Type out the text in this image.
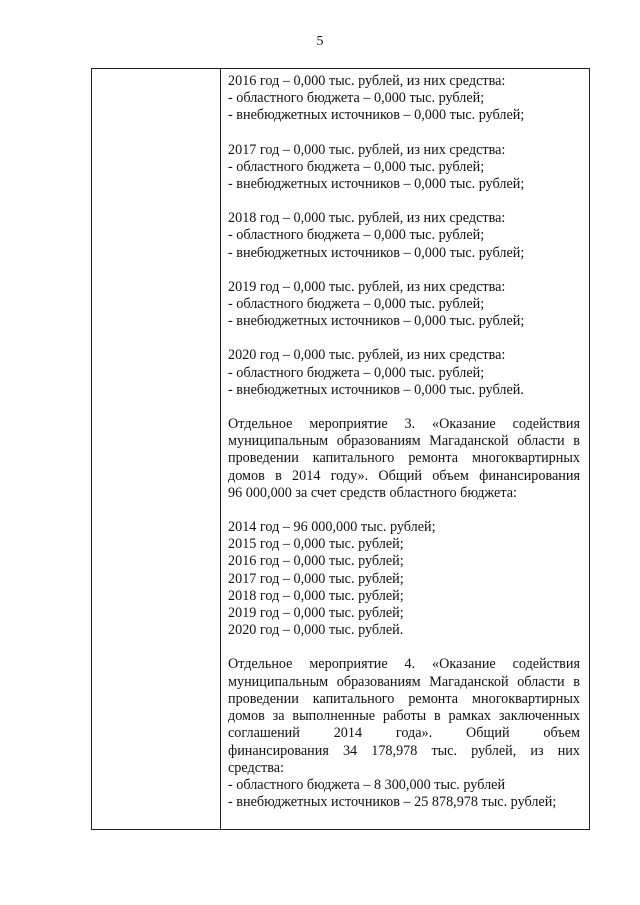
5
2016 год – 0,000 тыс. рублей, из них средства:
- областного бюджета – 0,000 тыс. рублей;
- внебюджетных источников – 0,000 тыс. рублей;
2017 год – 0,000 тыс. рублей, из них средства:
- областного бюджета – 0,000 тыс. рублей;
- внебюджетных источников – 0,000 тыс. рублей;
2018 год – 0,000 тыс. рублей, из них средства:
- областного бюджета – 0,000 тыс. рублей;
- внебюджетных источников – 0,000 тыс. рублей;
2019 год – 0,000 тыс. рублей, из них средства:
- областного бюджета – 0,000 тыс. рублей;
- внебюджетных источников – 0,000 тыс. рублей;
2020 год – 0,000 тыс. рублей, из них средства:
- областного бюджета – 0,000 тыс. рублей;
- внебюджетных источников – 0,000 тыс. рублей.
Отдельное мероприятие 3. «Оказание содействия
муниципальным образованиям Магаданской области в
проведении капитального ремонта многоквартирных
домов в 2014 году». Общий объем финансирования
96 000,000 за счет средств областного бюджета:
2014 год – 96 000,000 тыс. рублей;
2015 год – 0,000 тыс. рублей;
2016 год – 0,000 тыс. рублей;
2017 год – 0,000 тыс. рублей;
2018 год – 0,000 тыс. рублей;
2019 год – 0,000 тыс. рублей;
2020 год – 0,000 тыс. рублей.
Отдельное мероприятие 4. «Оказание содействия
муниципальным образованиям Магаданской области в
проведении капитального ремонта многоквартирных
домов за выполненные работы в рамках заключенных
соглашений 2014 года». Общий объем
финансирования 34 178,978 тыс. рублей, из них
средства:
- областного бюджета – 8 300,000 тыс. рублей
- внебюджетных источников – 25 878,978 тыс. рублей;
